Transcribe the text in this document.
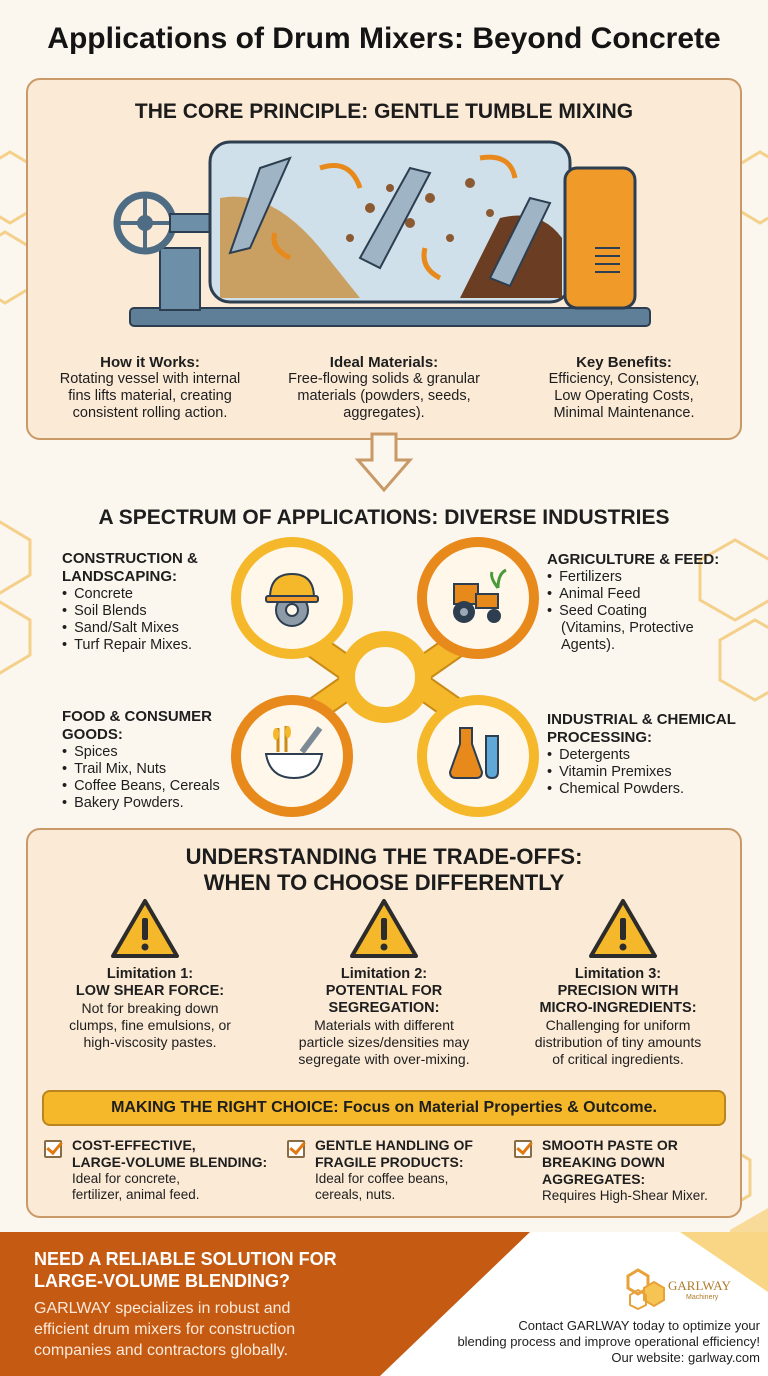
Applications of Drum Mixers: Beyond Concrete
THE CORE PRINCIPLE: GENTLE TUMBLE MIXING
How it Works:
Rotating vessel with internal
fins lifts material, creating
consistent rolling action.
Ideal Materials:
Free-flowing solids & granular
materials (powders, seeds,
aggregates).
Key Benefits:
Efficiency, Consistency,
Low Operating Costs,
Minimal Maintenance.
A SPECTRUM OF APPLICATIONS: DIVERSE INDUSTRIES
CONSTRUCTION &
LANDSCAPING:
• Concrete
• Soil Blends
• Sand/Salt Mixes
• Turf Repair Mixes.
AGRICULTURE & FEED:
• Fertilizers
• Animal Feed
• Seed Coating
(Vitamins, Protective
Agents).
FOOD & CONSUMER
GOODS:
• Spices
• Trail Mix, Nuts
• Coffee Beans, Cereals
• Bakery Powders.
INDUSTRIAL & CHEMICAL
PROCESSING:
• Detergents
• Vitamin Premixes
• Chemical Powders.
UNDERSTANDING THE TRADE-OFFS:
WHEN TO CHOOSE DIFFERENTLY
Limitation 1:
LOW SHEAR FORCE:
Not for breaking down
clumps, fine emulsions, or
high-viscosity pastes.
Limitation 2:
POTENTIAL FOR
SEGREGATION:
Materials with different
particle sizes/densities may
segregate with over-mixing.
Limitation 3:
PRECISION WITH
MICRO-INGREDIENTS:
Challenging for uniform
distribution of tiny amounts
of critical ingredients.
MAKING THE RIGHT CHOICE: Focus on Material Properties & Outcome.
COST-EFFECTIVE,
LARGE-VOLUME BLENDING:
Ideal for concrete,
fertilizer, animal feed.
GENTLE HANDLING OF
FRAGILE PRODUCTS:
Ideal for coffee beans,
cereals, nuts.
SMOOTH PASTE OR
BREAKING DOWN
AGGREGATES:
Requires High-Shear Mixer.
NEED A RELIABLE SOLUTION FOR
LARGE-VOLUME BLENDING?
GARLWAY specializes in robust and
efficient drum mixers for construction
companies and contractors globally.
GARLWAY
Machinery
Contact GARLWAY today to optimize your
blending process and improve operational efficiency!
Our website: garlway.com
